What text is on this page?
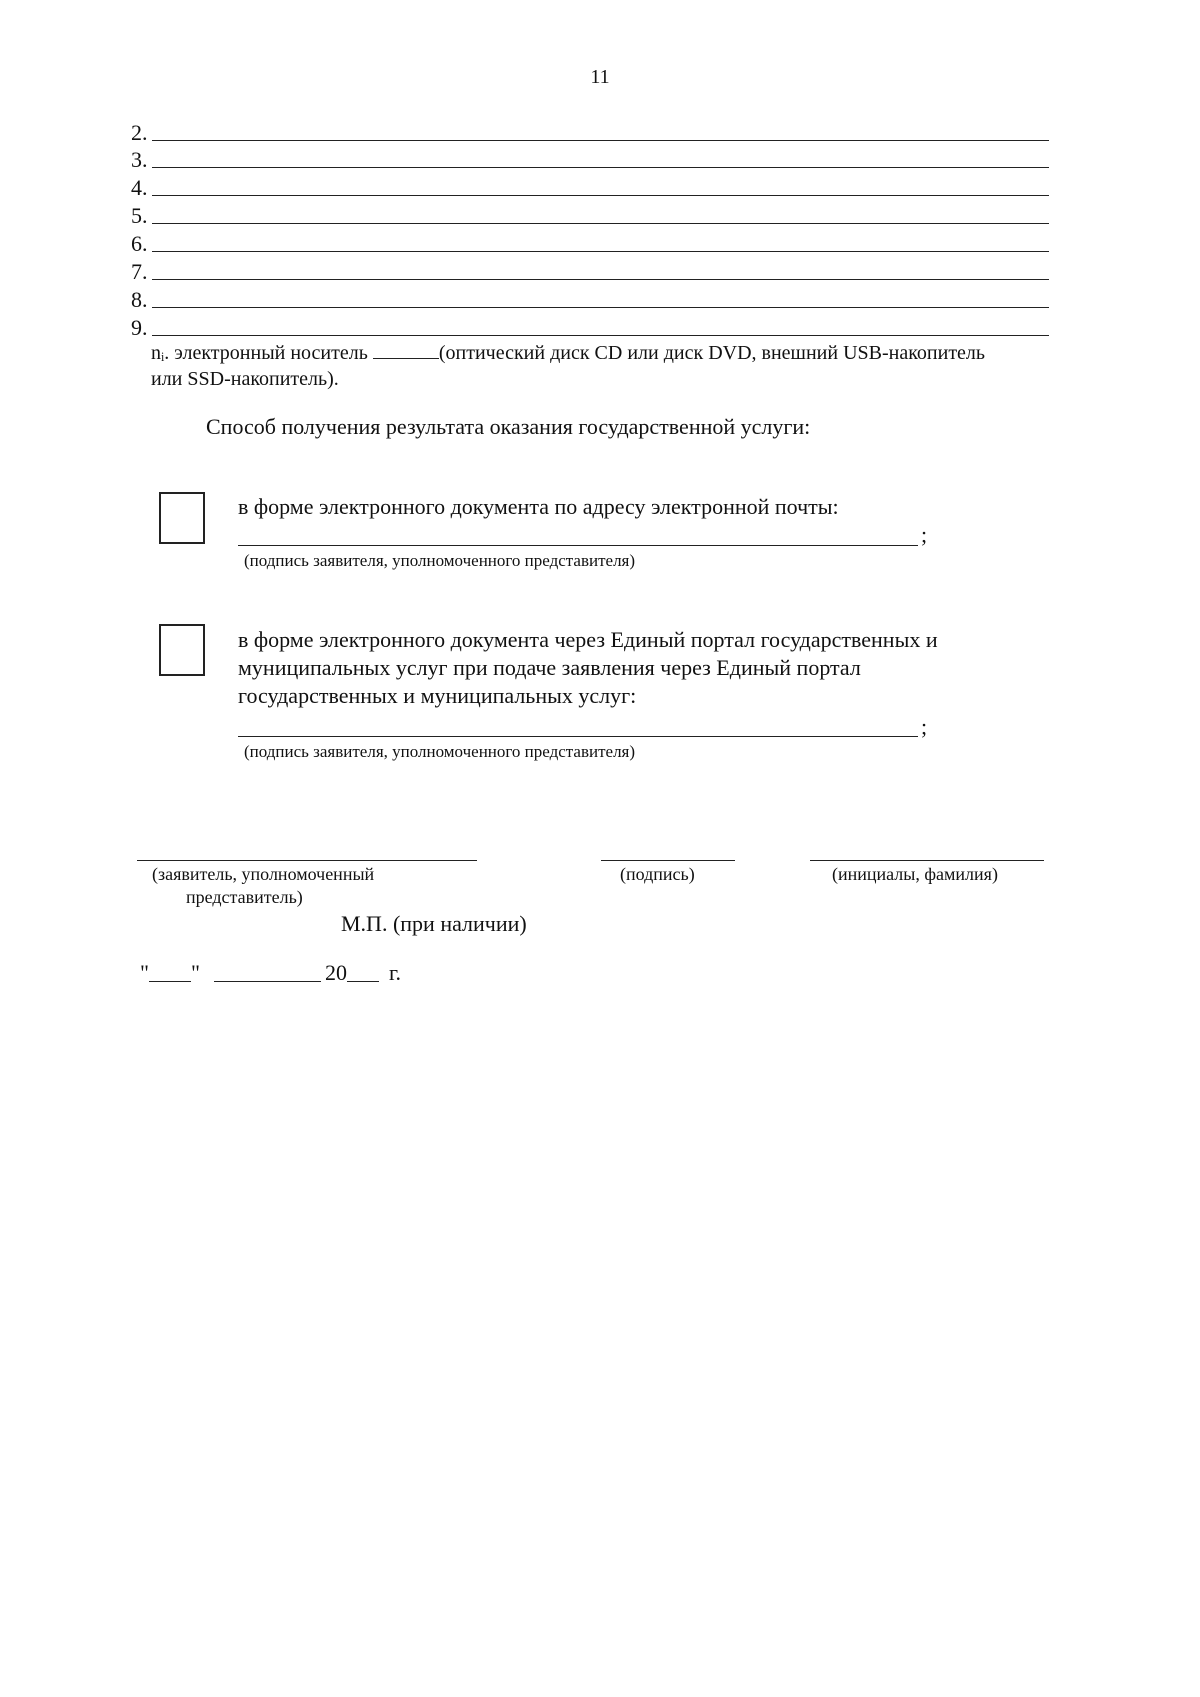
11
2.
3.
4.
5.
6.
7.
8.
9.
nᵢ. электронный носитель	(оптический диск CD или диск DVD, внешний USB-накопитель
или SSD-накопитель).
Способ получения результата оказания государственной услуги:
в форме электронного документа по адресу электронной почты:
;
(подпись заявителя, уполномоченного представителя)
в форме электронного документа через Единый портал государственных и
муниципальных услуг при подаче заявления через Единый портал
государственных и муниципальных услуг:
;
(подпись заявителя, уполномоченного представителя)
(заявитель, уполномоченный
представитель)
(подпись)	(инициалы, фамилия)
М.П. (при наличии)
" "	20 г.
